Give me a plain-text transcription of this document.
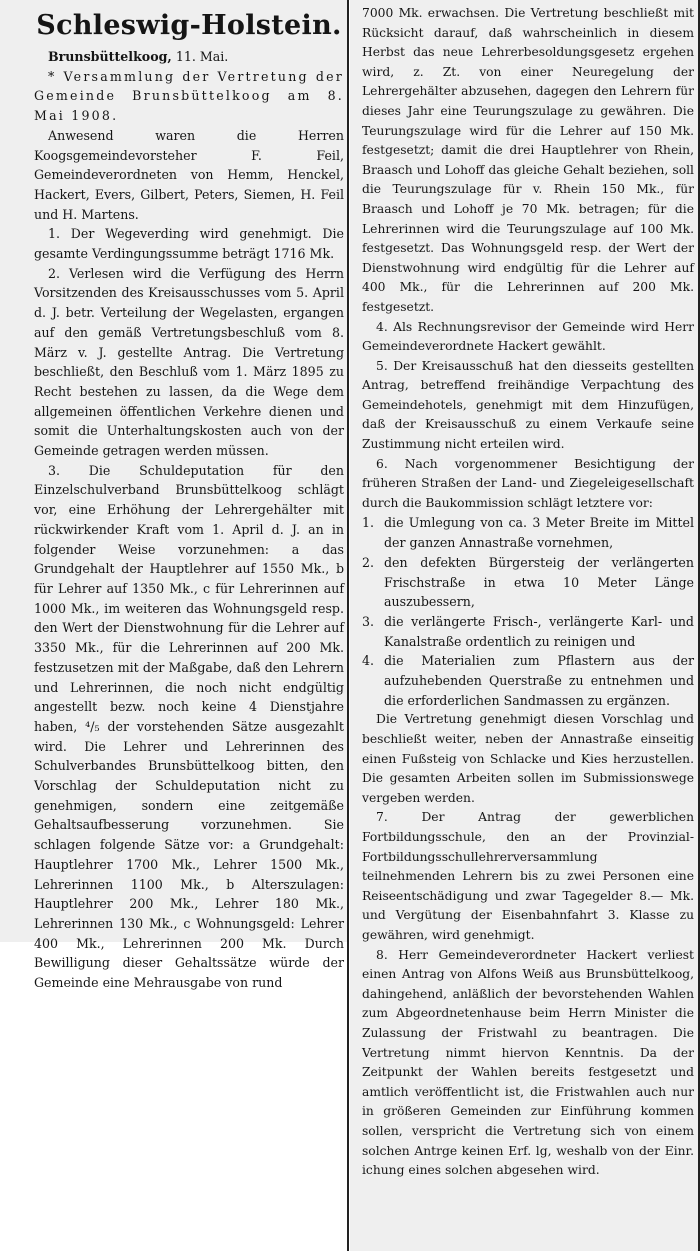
Schleswig-Holstein.

Brunsbüttelkoog, 11. Mai.

* Versammlung der Vertretung der Gemeinde Brunsbüttelkoog am 8. Mai 1908.

Anwesend waren die Herren Koogsgemeindevorsteher F. Feil, Gemeindeverordneten von Hemm, Henckel, Hackert, Evers, Gilbert, Peters, Siemen, H. Feil und H. Martens.

1. Der Wegeverding wird genehmigt. Die gesamte Verdingungssumme beträgt 1716 Mk.

2. Verlesen wird die Verfügung des Herrn Vorsitzenden des Kreisausschusses vom 5. April d. J. betr. Verteilung der Wegelasten, ergangen auf den gemäß Vertretungsbeschluß vom 8. März v. J. gestellte Antrag. Die Vertretung beschließt, den Beschluß vom 1. März 1895 zu Recht bestehen zu lassen, da die Wege dem allgemeinen öffentlichen Verkehre dienen und somit die Unterhaltungskosten auch von der Gemeinde getragen werden müssen.

3. Die Schuldeputation für den Einzelschulverband Brunsbüttelkoog schlägt vor, eine Erhöhung der Lehrergehälter mit rückwirkender Kraft vom 1. April d. J. an in folgender Weise vorzunehmen: a das Grundgehalt der Hauptlehrer auf 1550 Mk., b für Lehrer auf 1350 Mk., c für Lehrerinnen auf 1000 Mk., im weiteren das Wohnungsgeld resp. den Wert der Dienstwohnung für die Lehrer auf 3350 Mk., für die Lehrerinnen auf 200 Mk. festzusetzen mit der Maßgabe, daß den Lehrern und Lehrerinnen, die noch nicht endgültig angestellt bezw. noch keine 4 Dienstjahre haben, ⁴/₅ der vorstehenden Sätze ausgezahlt wird. Die Lehrer und Lehrerinnen des Schulverbandes Brunsbüttelkoog bitten, den Vorschlag der Schuldeputation nicht zu genehmigen, sondern eine zeitgemäße Gehaltsaufbesserung vorzunehmen. Sie schlagen folgende Sätze vor: a Grundgehalt: Hauptlehrer 1700 Mk., Lehrer 1500 Mk., Lehrerinnen 1100 Mk., b Alterszulagen: Hauptlehrer 200 Mk., Lehrer 180 Mk., Lehrerinnen 130 Mk., c Wohnungsgeld: Lehrer 400 Mk., Lehrerinnen 200 Mk. Durch Bewilligung dieser Gehaltssätze würde der Gemeinde eine Mehrausgabe von rund

7000 Mk. erwachsen. Die Vertretung beschließt mit Rücksicht darauf, daß wahrscheinlich in diesem Herbst das neue Lehrerbesoldungsgesetz ergehen wird, z. Zt. von einer Neuregelung der Lehrergehälter abzusehen, dagegen den Lehrern für dieses Jahr eine Teurungszulage zu gewähren. Die Teurungszulage wird für die Lehrer auf 150 Mk. festgesetzt; damit die drei Hauptlehrer von Rhein, Braasch und Lohoff das gleiche Gehalt beziehen, soll die Teurungszulage für v. Rhein 150 Mk., für Braasch und Lohoff je 70 Mk. betragen; für die Lehrerinnen wird die Teurungszulage auf 100 Mk. festgesetzt. Das Wohnungsgeld resp. der Wert der Dienstwohnung wird endgültig für die Lehrer auf 400 Mk., für die Lehrerinnen auf 200 Mk. festgesetzt.

4. Als Rechnungsrevisor der Gemeinde wird Herr Gemeindeverordnete Hackert gewählt.

5. Der Kreisausschuß hat den diesseits gestellten Antrag, betreffend freihändige Verpachtung des Gemeindehotels, genehmigt mit dem Hinzufügen, daß der Kreisausschuß zu einem Verkaufe seine Zustimmung nicht erteilen wird.

6. Nach vorgenommener Besichtigung der früheren Straßen der Land- und Ziegeleigesellschaft durch die Baukommission schlägt letztere vor:

1. die Umlegung von ca. 3 Meter Breite im Mittel der ganzen Annastraße vornehmen,
2. den defekten Bürgersteig der verlängerten Frischstraße in etwa 10 Meter Länge auszubessern,
3. die verlängerte Frisch-, verlängerte Karl- und Kanalstraße ordentlich zu reinigen und
4. die Materialien zum Pflastern aus der aufzuhebenden Querstraße zu entnehmen und die erforderlichen Sandmassen zu ergänzen.

Die Vertretung genehmigt diesen Vorschlag und beschließt weiter, neben der Annastraße einseitig einen Fußsteig von Schlacke und Kies herzustellen. Die gesamten Arbeiten sollen im Submissionswege vergeben werden.

7. Der Antrag der gewerblichen Fortbildungsschule, den an der Provinzial-Fortbildungsschullehrerversammlung teilnehmenden Lehrern bis zu zwei Personen eine Reiseentschädigung und zwar Tagegelder 8.— Mk. und Vergütung der Eisenbahnfahrt 3. Klasse zu gewähren, wird genehmigt.

8. Herr Gemeindeverordneter Hackert verliest einen Antrag von Alfons Weiß aus Brunsbüttelkoog, dahingehend, anläßlich der bevorstehenden Wahlen zum Abgeordnetenhause beim Herrn Minister die Zulassung der Fristwahl zu beantragen. Die Vertretung nimmt hiervon Kenntnis. Da der Zeitpunkt der Wahlen bereits festgesetzt und amtlich veröffentlicht ist, die Fristwahlen auch nur in größeren Gemeinden zur Einführung kommen sollen, verspricht die Vertretung sich von einem solchen Antrge keinen Erf. lg, weshalb von der Einr. ichung eines solchen abgesehen wird.
